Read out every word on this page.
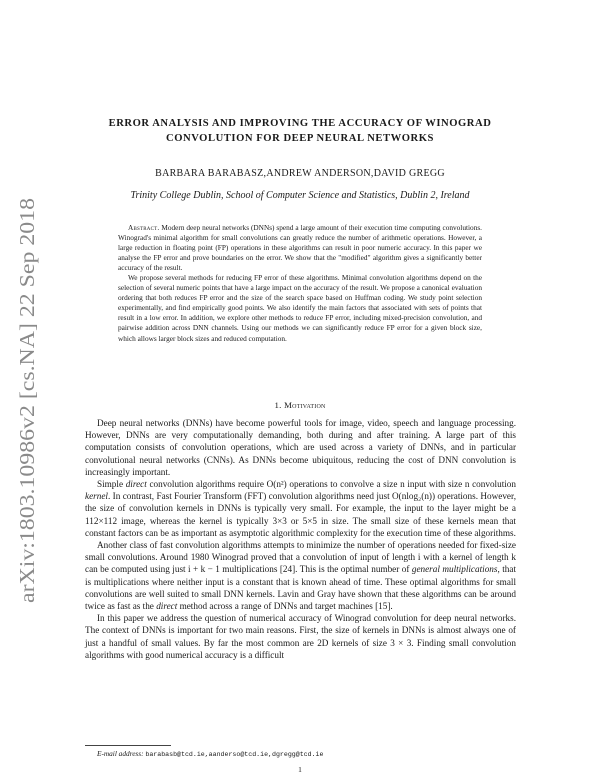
arXiv:1803.10986v2 [cs.NA] 22 Sep 2018
ERROR ANALYSIS AND IMPROVING THE ACCURACY OF WINOGRAD CONVOLUTION FOR DEEP NEURAL NETWORKS
BARBARA BARABASZ,ANDREW ANDERSON,DAVID GREGG
Trinity College Dublin, School of Computer Science and Statistics, Dublin 2, Ireland

Abstract. Modern deep neural networks (DNNs) spend a large amount of their execution time computing convolutions. Winograd's minimal algorithm for small convolutions can greatly reduce the number of arithmetic operations. However, a large reduction in floating point (FP) operations in these algorithms can result in poor numeric accuracy. In this paper we analyse the FP error and prove boundaries on the error. We show that the "modified" algorithm gives a significantly better accuracy of the result.

We propose several methods for reducing FP error of these algorithms. Minimal convolution algorithms depend on the selection of several numeric points that have a large impact on the accuracy of the result. We propose a canonical evaluation ordering that both reduces FP error and the size of the search space based on Huffman coding. We study point selection experimentally, and find empirically good points. We also identify the main factors that associated with sets of points that result in a low error. In addition, we explore other methods to reduce FP error, including mixed-precision convolution, and pairwise addition across DNN channels. Using our methods we can significantly reduce FP error for a given block size, which allows larger block sizes and reduced computation.

1. Motivation

Deep neural networks (DNNs) have become powerful tools for image, video, speech and language processing. However, DNNs are very computationally demanding, both during and after training. A large part of this computation consists of convolution operations, which are used across a variety of DNNs, and in particular convolutional neural networks (CNNs). As DNNs become ubiquitous, reducing the cost of DNN convolution is increasingly important.

Simple direct convolution algorithms require O(n²) operations to convolve a size n input with size n convolution kernel. In contrast, Fast Fourier Transform (FFT) convolution algorithms need just O(nlog₂(n)) operations. However, the size of convolution kernels in DNNs is typically very small. For example, the input to the layer might be a 112×112 image, whereas the kernel is typically 3×3 or 5×5 in size. The small size of these kernels mean that constant factors can be as important as asymptotic algorithmic complexity for the execution time of these algorithms.

Another class of fast convolution algorithms attempts to minimize the number of operations needed for fixed-size small convolutions. Around 1980 Winograd proved that a convolution of input of length i with a kernel of length k can be computed using just i + k − 1 multiplications [24]. This is the optimal number of general multiplications, that is multiplications where neither input is a constant that is known ahead of time. These optimal algorithms for small convolutions are well suited to small DNN kernels. Lavin and Gray have shown that these algorithms can be around twice as fast as the direct method across a range of DNNs and target machines [15].

In this paper we address the question of numerical accuracy of Winograd convolution for deep neural networks. The context of DNNs is important for two main reasons. First, the size of kernels in DNNs is almost always one of just a handful of small values. By far the most common are 2D kernels of size 3 × 3. Finding small convolution algorithms with good numerical accuracy is a difficult

E-mail address: barabasb@tcd.ie,aanderso@tcd.ie,dgregg@tcd.ie
1
